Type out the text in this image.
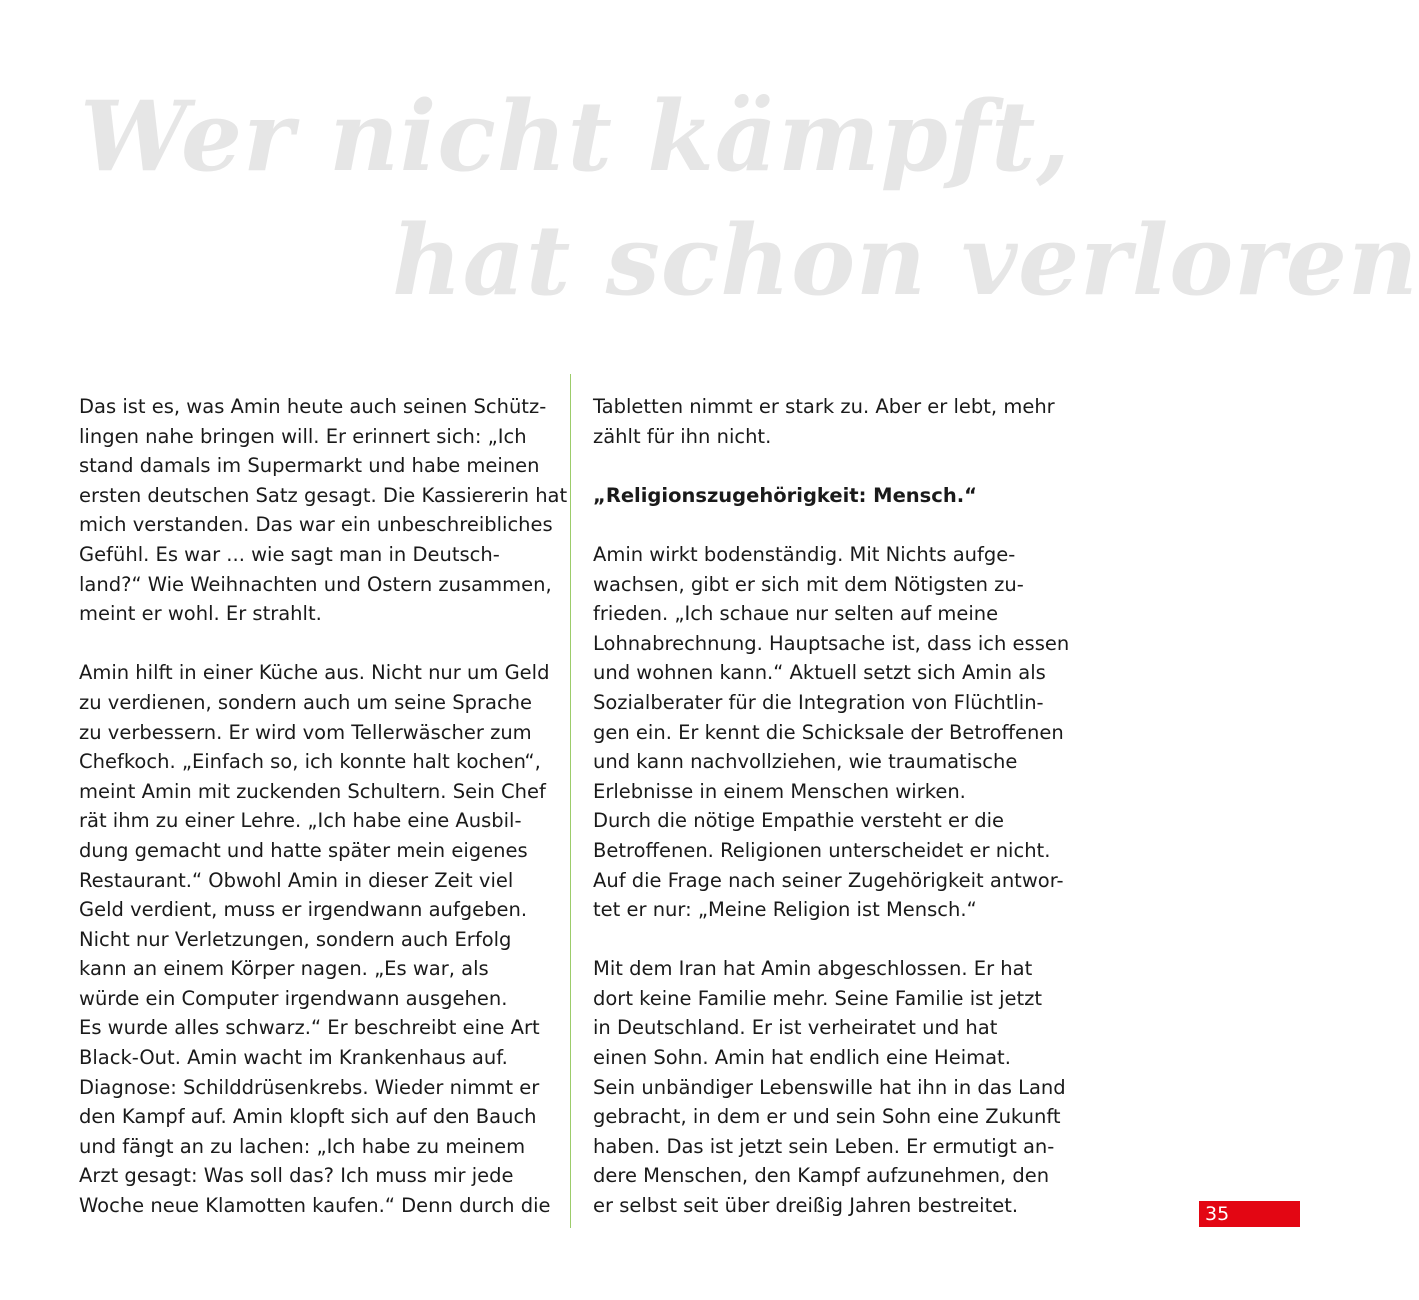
Wer nicht kämpft,
hat schon verloren

Das ist es, was Amin heute auch seinen Schütz-
lingen nahe bringen will. Er erinnert sich: „Ich
stand damals im Supermarkt und habe meinen
ersten deutschen Satz gesagt. Die Kassiererin hat
mich verstanden. Das war ein unbeschreibliches
Gefühl. Es war ... wie sagt man in Deutsch-
land?“ Wie Weihnachten und Ostern zusammen,
meint er wohl. Er strahlt.

Amin hilft in einer Küche aus. Nicht nur um Geld
zu verdienen, sondern auch um seine Sprache
zu verbessern. Er wird vom Tellerwäscher zum
Chefkoch. „Einfach so, ich konnte halt kochen“,
meint Amin mit zuckenden Schultern. Sein Chef
rät ihm zu einer Lehre. „Ich habe eine Ausbil-
dung gemacht und hatte später mein eigenes
Restaurant.“ Obwohl Amin in dieser Zeit viel
Geld verdient, muss er irgendwann aufgeben.
Nicht nur Verletzungen, sondern auch Erfolg
kann an einem Körper nagen. „Es war, als
würde ein Computer irgendwann ausgehen.
Es wurde alles schwarz.“ Er beschreibt eine Art
Black-Out. Amin wacht im Krankenhaus auf.
Diagnose: Schilddrüsenkrebs. Wieder nimmt er
den Kampf auf. Amin klopft sich auf den Bauch
und fängt an zu lachen: „Ich habe zu meinem
Arzt gesagt: Was soll das? Ich muss mir jede
Woche neue Klamotten kaufen.“ Denn durch die

Tabletten nimmt er stark zu. Aber er lebt, mehr
zählt für ihn nicht.

„Religionszugehörigkeit: Mensch.“

Amin wirkt bodenständig. Mit Nichts aufge-
wachsen, gibt er sich mit dem Nötigsten zu-
frieden. „Ich schaue nur selten auf meine
Lohnabrechnung. Hauptsache ist, dass ich essen
und wohnen kann.“ Aktuell setzt sich Amin als
Sozialberater für die Integration von Flüchtlin-
gen ein. Er kennt die Schicksale der Betroffenen
und kann nachvollziehen, wie traumatische
Erlebnisse in einem Menschen wirken.
Durch die nötige Empathie versteht er die
Betroffenen. Religionen unterscheidet er nicht.
Auf die Frage nach seiner Zugehörigkeit antwor-
tet er nur: „Meine Religion ist Mensch.“

Mit dem Iran hat Amin abgeschlossen. Er hat
dort keine Familie mehr. Seine Familie ist jetzt
in Deutschland. Er ist verheiratet und hat
einen Sohn. Amin hat endlich eine Heimat.
Sein unbändiger Lebenswille hat ihn in das Land
gebracht, in dem er und sein Sohn eine Zukunft
haben. Das ist jetzt sein Leben. Er ermutigt an-
dere Menschen, den Kampf aufzunehmen, den
er selbst seit über dreißig Jahren bestreitet.	35
